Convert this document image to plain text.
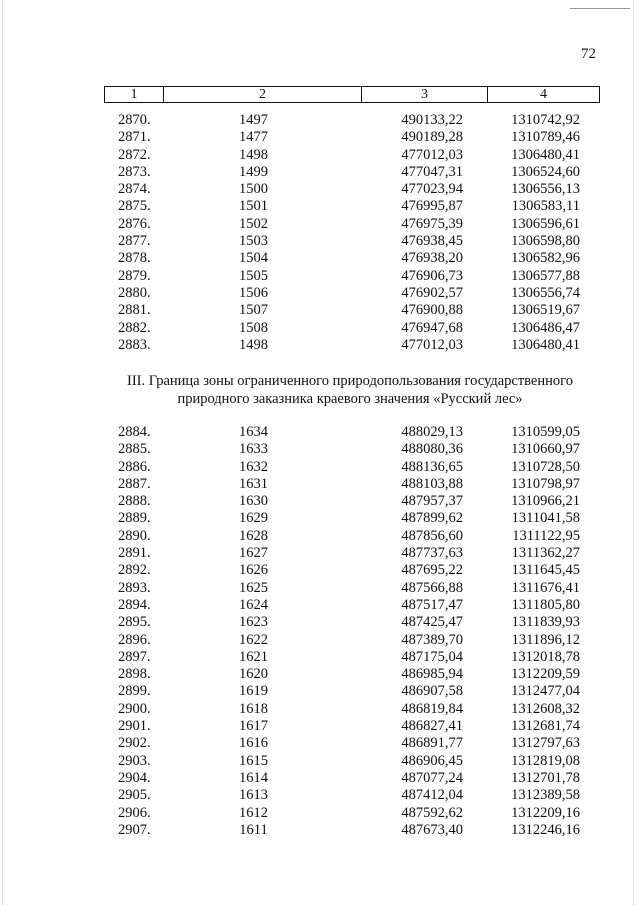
72
1	2	3	4
2870.	1497	490133,22	1310742,92
2871.	1477	490189,28	1310789,46
2872.	1498	477012,03	1306480,41
2873.	1499	477047,31	1306524,60
2874.	1500	477023,94	1306556,13
2875.	1501	476995,87	1306583,11
2876.	1502	476975,39	1306596,61
2877.	1503	476938,45	1306598,80
2878.	1504	476938,20	1306582,96
2879.	1505	476906,73	1306577,88
2880.	1506	476902,57	1306556,74
2881.	1507	476900,88	1306519,67
2882.	1508	476947,68	1306486,47
2883.	1498	477012,03	1306480,41
III. Граница зоны ограниченного природопользования государственного
природного заказника краевого значения «Русский лес»
2884.	1634	488029,13	1310599,05
2885.	1633	488080,36	1310660,97
2886.	1632	488136,65	1310728,50
2887.	1631	488103,88	1310798,97
2888.	1630	487957,37	1310966,21
2889.	1629	487899,62	1311041,58
2890.	1628	487856,60	1311122,95
2891.	1627	487737,63	1311362,27
2892.	1626	487695,22	1311645,45
2893.	1625	487566,88	1311676,41
2894.	1624	487517,47	1311805,80
2895.	1623	487425,47	1311839,93
2896.	1622	487389,70	1311896,12
2897.	1621	487175,04	1312018,78
2898.	1620	486985,94	1312209,59
2899.	1619	486907,58	1312477,04
2900.	1618	486819,84	1312608,32
2901.	1617	486827,41	1312681,74
2902.	1616	486891,77	1312797,63
2903.	1615	486906,45	1312819,08
2904.	1614	487077,24	1312701,78
2905.	1613	487412,04	1312389,58
2906.	1612	487592,62	1312209,16
2907.	1611	487673,40	1312246,16
